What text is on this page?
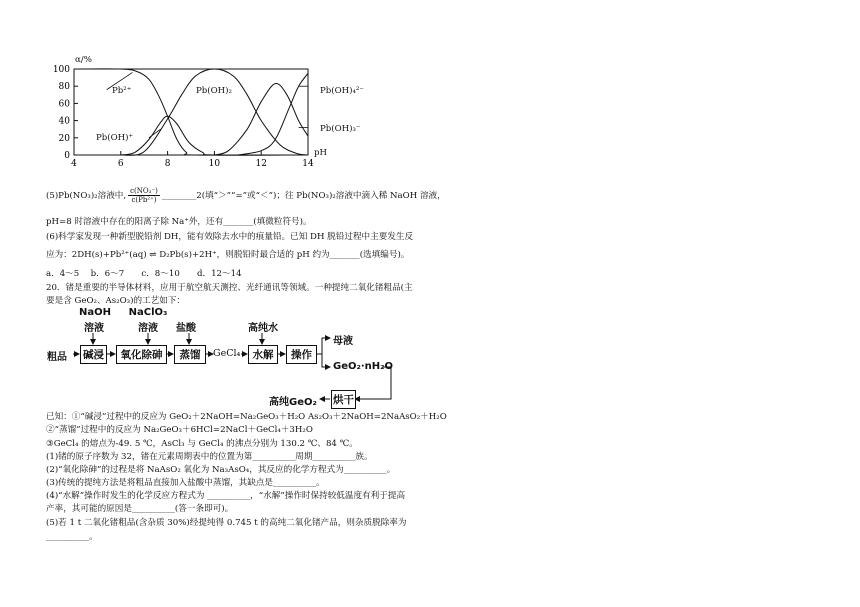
0
20
40
60
80
100
4	6	8	10	12	14
α/%
pH
Pb²⁺
Pb(OH)⁺
Pb(OH)₂	Pb(OH)₄²⁻
Pb(OH)₃⁻
(5)Pb(NO₃)₂溶液中, $\frac{\text{c(NO₃⁻)}}{\text{c(Pb²⁺)}}$ ________2(填“＞”“=”或“＜”)；往 Pb(NO₃)₂溶液中滴入稀 NaOH 溶液，
pH=8 时溶液中存在的阳离子除 Na⁺外，还有_______(填微粒符号)。
(6)科学家发现一种新型脱铅剂 DH，能有效除去水中的痕量铅。已知 DH 脱铅过程中主要发生反
应为：2DH(s)+Pb²⁺(aq) ⇌ D₂Pb(s)+2H⁺，则脱铅时最合适的 pH 约为_______(选填编号)。
a．4～5　 b．6～7　　c．8～10　　d．12～14
20．锗是重要的半导体材料，应用于航空航天测控、光纤通讯等领域。一种提纯二氧化锗粗品(主
要是含 GeO₂、As₂O₃)的工艺如下：
NaOH
溶液
NaClO₃
溶液	盐酸	高纯水
粗品 碱浸	氧化除砷	蒸馏	GeCl₄	水解	操作
母液
GeO₂·nH₂O
烘干
高纯GeO₂
已知：①“碱浸”过程中的反应为 GeO₂＋2NaOH=Na₂GeO₃＋H₂O As₂O₃＋2NaOH=2NaAsO₂＋H₂O
②“蒸馏”过程中的反应为 Na₂GeO₃＋6HCl=2NaCl＋GeCl₄＋3H₂O
③GeCl₄ 的熔点为-49. 5 ℃，AsCl₃ 与 GeCl₄ 的沸点分别为 130.2 ℃、84 ℃。
(1)锗的原子序数为 32，锗在元素周期表中的位置为第__________周期__________族。
(2)“氧化除砷”的过程是将 NaAsO₂ 氧化为 Na₃AsO₄，其反应的化学方程式为__________。
(3)传统的提纯方法是将粗品直接加入盐酸中蒸馏，其缺点是__________。
(4)“水解”操作时发生的化学反应方程式为 __________，“水解”操作时保持较低温度有利于提高
产率，其可能的原因是__________(答一条即可)。
(5)若 1 t 二氧化锗粗品(含杂质 30%)经提纯得 0.745 t 的高纯二氧化锗产品，则杂质脱除率为
__________。
